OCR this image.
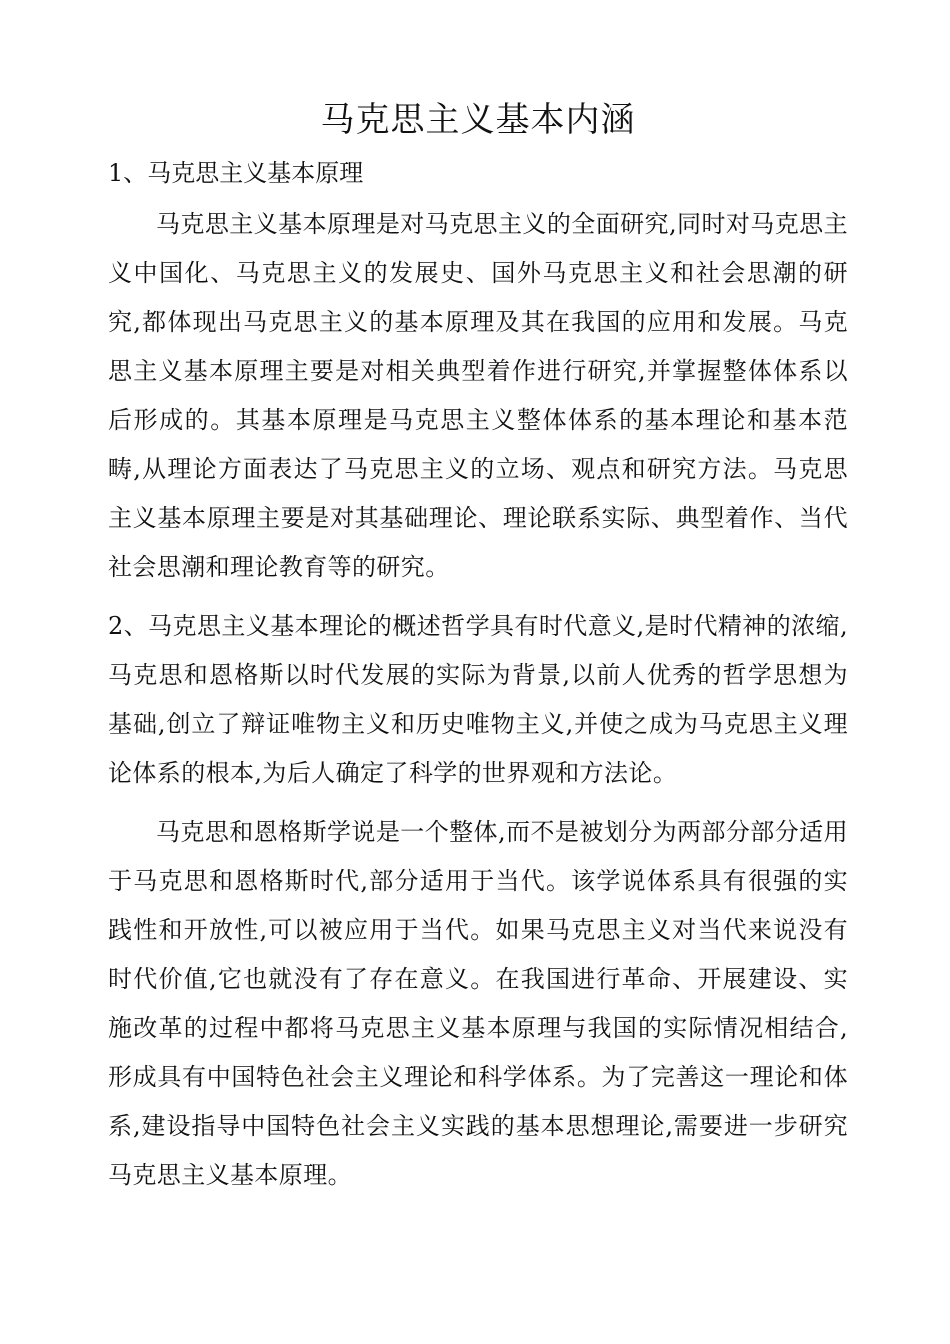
马克思主义基本内涵
1、马克思主义基本原理

马克思主义基本原理是对马克思主义的全面研究,同时对马克思主义中国化、马克思主义的发展史、国外马克思主义和社会思潮的研究,都体现出马克思主义的基本原理及其在我国的应用和发展。马克思主义基本原理主要是对相关典型着作进行研究,并掌握整体体系以后形成的。其基本原理是马克思主义整体体系的基本理论和基本范畴,从理论方面表达了马克思主义的立场、观点和研究方法。马克思主义基本原理主要是对其基础理论、理论联系实际、典型着作、当代社会思潮和理论教育等的研究。

2、马克思主义基本理论的概述哲学具有时代意义,是时代精神的浓缩,马克思和恩格斯以时代发展的实际为背景,以前人优秀的哲学思想为基础,创立了辩证唯物主义和历史唯物主义,并使之成为马克思主义理论体系的根本,为后人确定了科学的世界观和方法论。

马克思和恩格斯学说是一个整体,而不是被划分为两部分部分适用于马克思和恩格斯时代,部分适用于当代。该学说体系具有很强的实践性和开放性,可以被应用于当代。如果马克思主义对当代来说没有时代价值,它也就没有了存在意义。在我国进行革命、开展建设、实施改革的过程中都将马克思主义基本原理与我国的实际情况相结合,形成具有中国特色社会主义理论和科学体系。为了完善这一理论和体系,建设指导中国特色社会主义实践的基本思想理论,需要进一步研究马克思主义基本原理。
